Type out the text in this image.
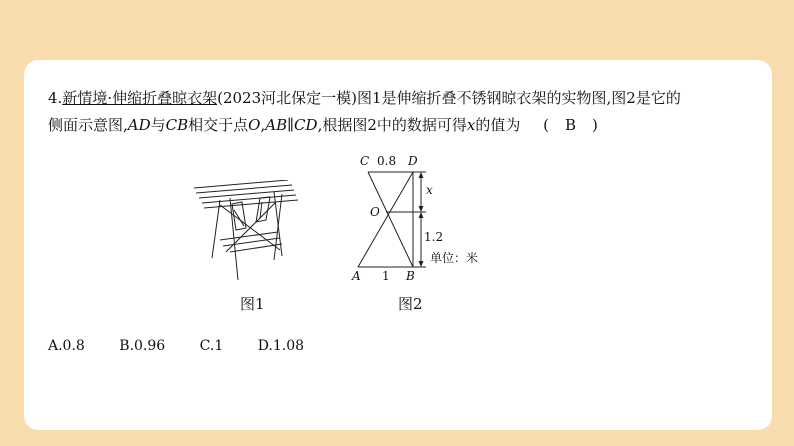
4.新情境·伸缩折叠晾衣架(2023河北保定一模)图1是伸缩折叠不锈钢晾衣架的实物图,图2是它的
侧面示意图,AD与CB相交于点O,AB∥CD,根据图2中的数据可得x的值为 ( B )
C 0.8 D
x
O
1.2
单位：米
A 1 B
图1	图2
A.0.8 B.0.96 C.1 D.1.08
